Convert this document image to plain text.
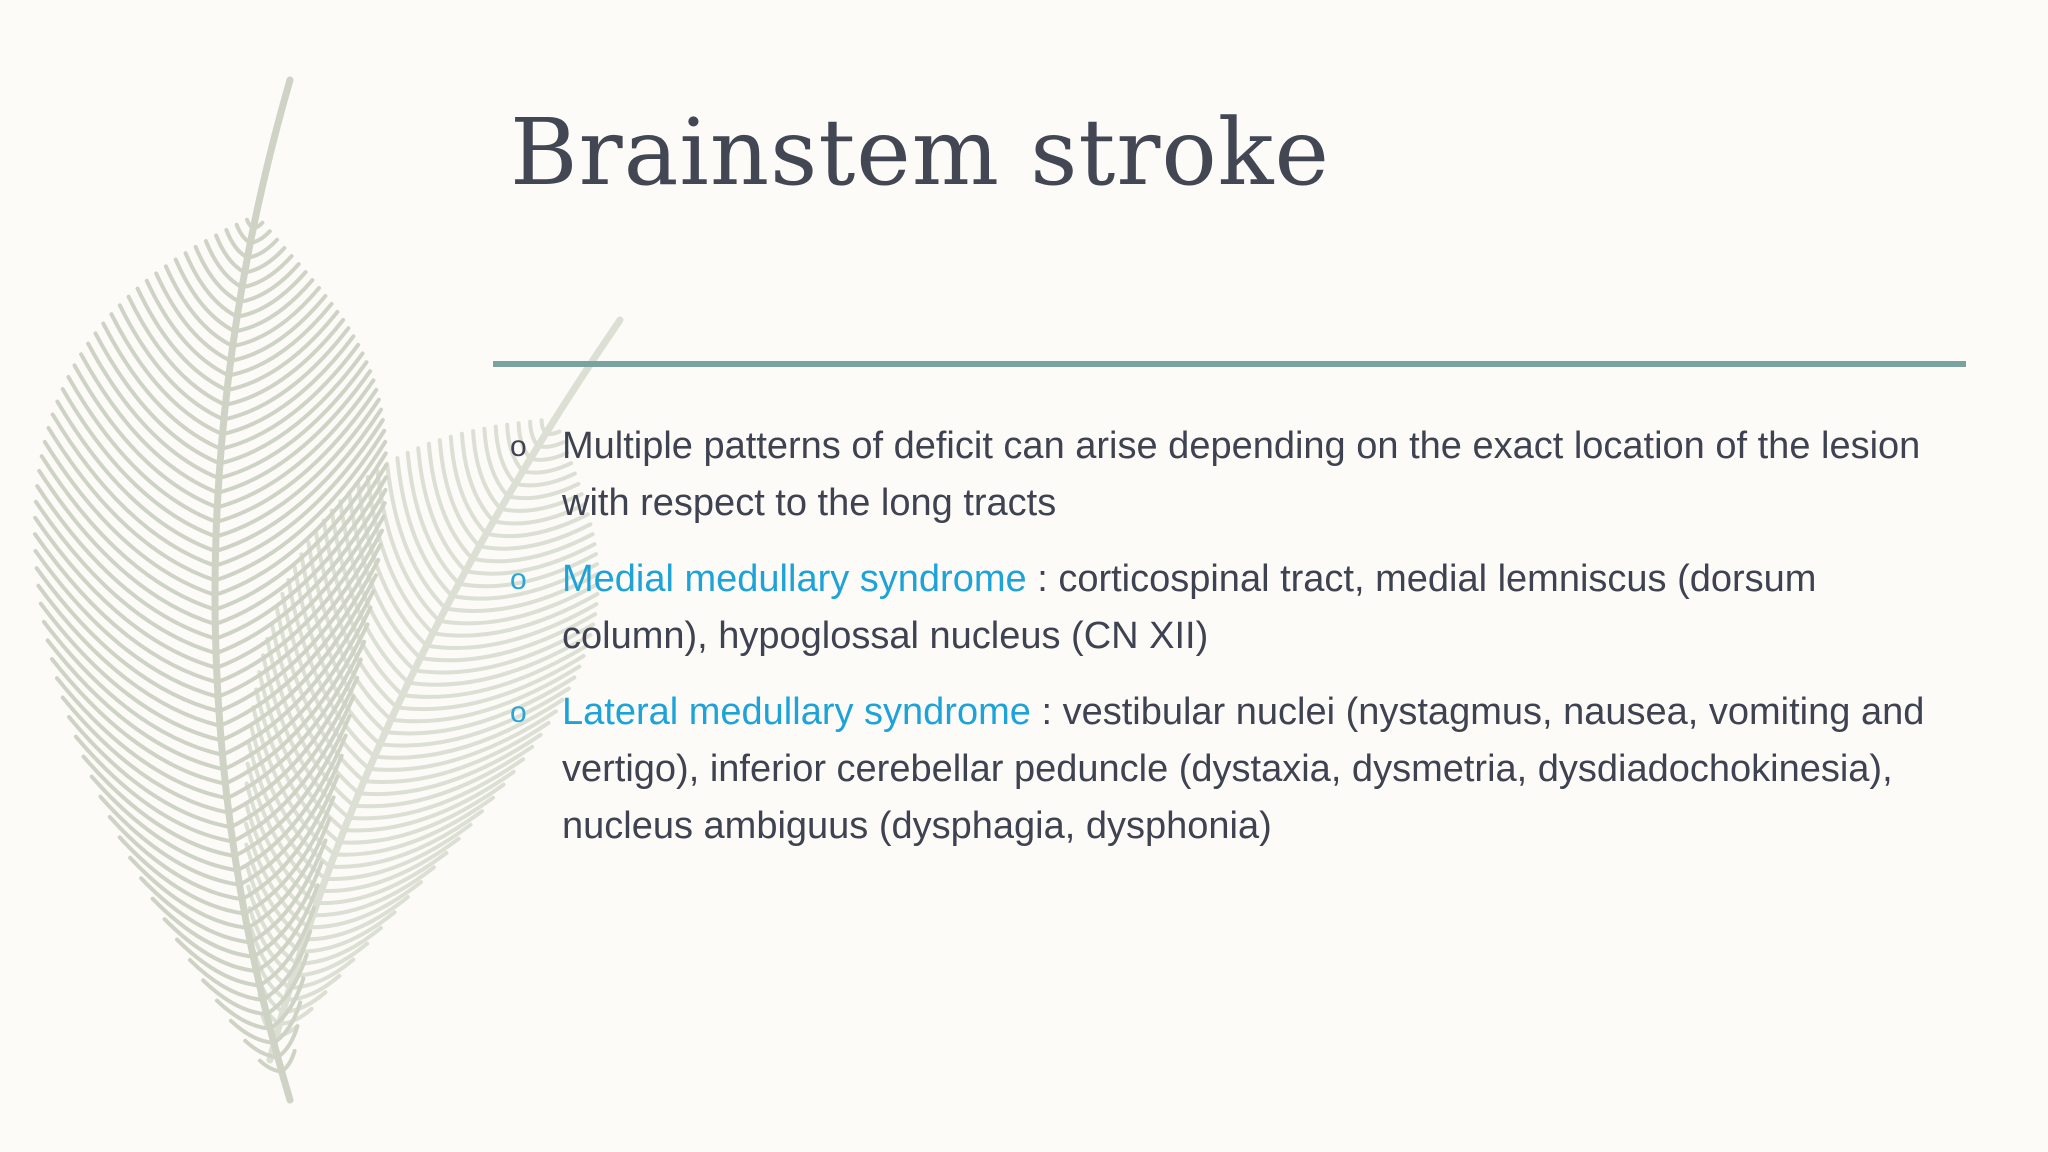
Brainstem stroke
o Multiple patterns of deficit can arise depending on the exact location of the lesion with respect to the long tracts
o Medial medullary syndrome : corticospinal tract, medial lemniscus (dorsum column), hypoglossal nucleus (CN XII)
o Lateral medullary syndrome : vestibular nuclei (nystagmus, nausea, vomiting and vertigo), inferior cerebellar peduncle (dystaxia, dysmetria, dysdiadochokinesia), nucleus ambiguus (dysphagia, dysphonia)
